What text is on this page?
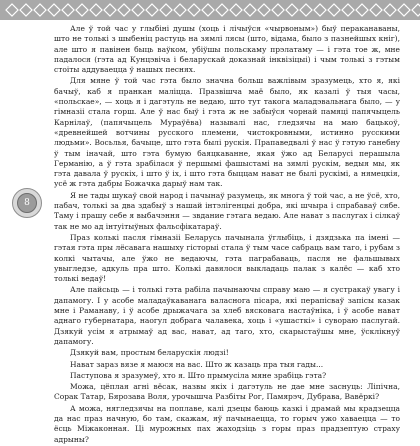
8

Але ў той час у глыбіні душы (хоць і лічыўся «чырвоным») быў пераканаваны, што не толькі з шыбеніц растуць на зямлі лясы (што, відама, было з пазнейшых кніг), але што я павінен быць ваўком, убіўшы польскаму прэлатаму — і гэта тое ж, мне падалося (гэта ад Кунцэвіча і беларускай доказнай інквізіцыі) і чым толькі з гэтым стоіты аддуваецца ў нашых песнях.

Для мяне ў той час гэта было значна больш важлівым зразумець, хто я, які бачыў, каб я пранкан маліцца. Празвішча маё было, як казалі ў тыя часы, «польскае», — хоць я і дагэтуль не ведаю, што тут такога маладэвальнага было, — у гімназіі стала горш. Але ў нас быў і гэта ж не забыўся чорнай памяці папячыцель Карнілаў, (папячыцель Мураўёва) называлі нас, гледзячы на маю бацькоў, «древнейшей вотчины русского племени, чистокровными, истинно русскими людьми». Восьлья, бачыце, што гэта былі рускія. Прапаведвалі ў нас ў гэтую ганебну ў тым іначай, што гэта бумую баяцкаванне, якая ўжо ад Беларусі перашыла Германію, а ў гэта зрабілася ў першымі фашыстамі на зямлі рускім, ведыя мы, як гэта давала ў рускіх, і што ў іх, і што гэта быццам нават не былі рускімі, а нямецкія, усё ж гэта дабры Божачка дарыў нам так.

Я не тады шукаў свой народ і пачынаў разумець, як многа ў той час, а не ўсё, хто, пабач, толькі за два здабыў з нашай інтэлігенцыі добра, які шчыра і спрабаваў сябе. Таму і прашу себе я выбачэння — звдание гэтага ведаю. Але нават з паслугах і сілкаў так не мо ад інтуітыўных фальсфікатараў.

Праз колькі пасля гімназіі Беларусь пачынала ўглыбіць, і дзядзька па імені — гэтая гэта пры лёсавага нашыху гісторыі стала ў тым часе сабраць вам таго, і рубам з колкі чытачы, але ўжо не ведаючы, гэта паграбаваць, пасля не фальшывых увыгледзе, адкуль пра што. Колькі давялося выкладаць палак з калёс — каб хто толькі ведаў!

Але пайсьць — і толькі гэта рабіла пачынаючы справу маю — я сустракаў увагу і дапамогу. І у асобе маладаўкаванага валаснога пісара, які перапісваў запісы казак мне і Раманаву, і ў асобе дрыжачага за хлеб вясковага настаўніка, і ў асобе нават аднаго губернатара, наогул добрага чалавека, хоць і «ушасткі» і сувораю паслугай. Дзякуй усім я атрымаў ад вас, нават, ад таго, хто, скарыстаўшы мне, ўсклікнуў дапамогу.

Дзякуй вам, простым беларускія людзі!

Нават зараз вязе я маюся на вас. Што ж казаць пра тыя гады...

Паступова я зразумеў, хто я. Што прымусіла мяне зрабіць гэта?

Можа, цёплая агні вёсак, назвы якіх і дагэтуль не дае мне заснуць: Ліпічна, Сорак Татар, Бярозава Воля, урочышча Разбіты Рог, Памярэч, Дубрава, Вавёркі?

А можа, нягледзячы на поплаве, калі дзецы баюць казкі і драмай мы крадзецца да нас праз начную, бо там, скажам, яў пачынаецца, то горыч ужо хаваецца — то ёсць Міжаконная. Ці мурожных пах жаходзіць з горы праз прадзептую страху адрыны?
